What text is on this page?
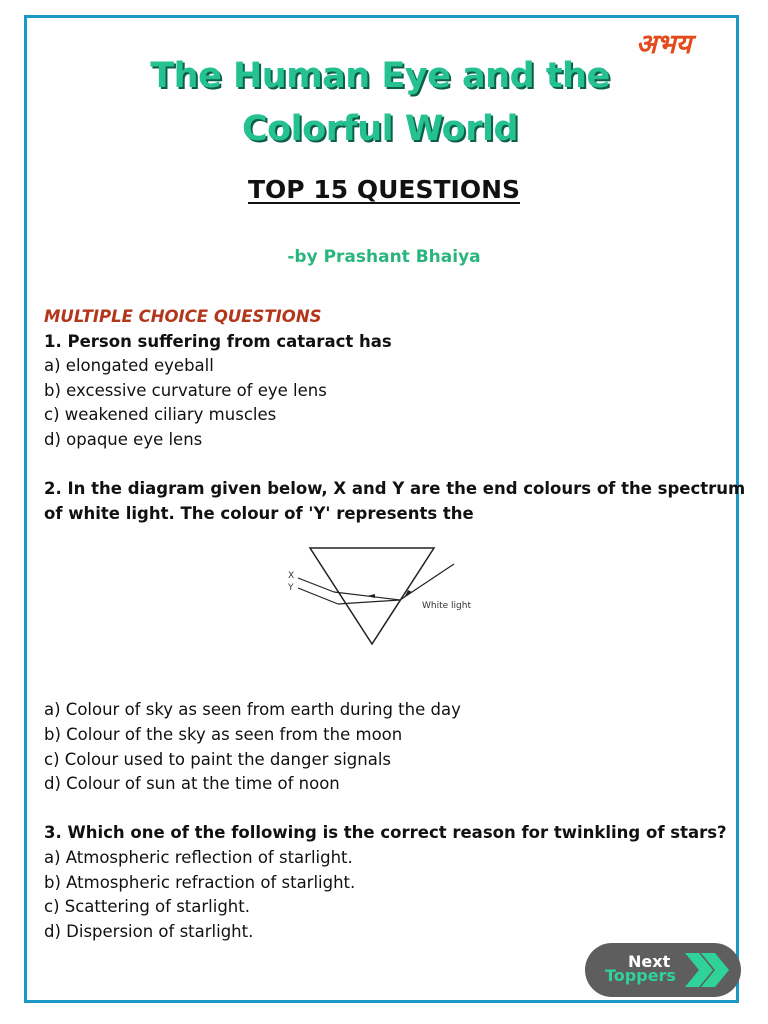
The Human Eye and the
Colorful World
अभय
TOP 15 QUESTIONS
-by Prashant Bhaiya
MULTIPLE CHOICE QUESTIONS
1. Person suffering from cataract has
a) elongated eyeball
b) excessive curvature of eye lens
c) weakened ciliary muscles
d) opaque eye lens
2. In the diagram given below, X and Y are the end colours of the spectrum
of white light. The colour of 'Y' represents the
X
Y
White light
a) Colour of sky as seen from earth during the day
b) Colour of the sky as seen from the moon
c) Colour used to paint the danger signals
d) Colour of sun at the time of noon
3. Which one of the following is the correct reason for twinkling of stars?
a) Atmospheric reflection of starlight.
b) Atmospheric refraction of starlight.
c) Scattering of starlight.
d) Dispersion of starlight.
Next
Toppers
